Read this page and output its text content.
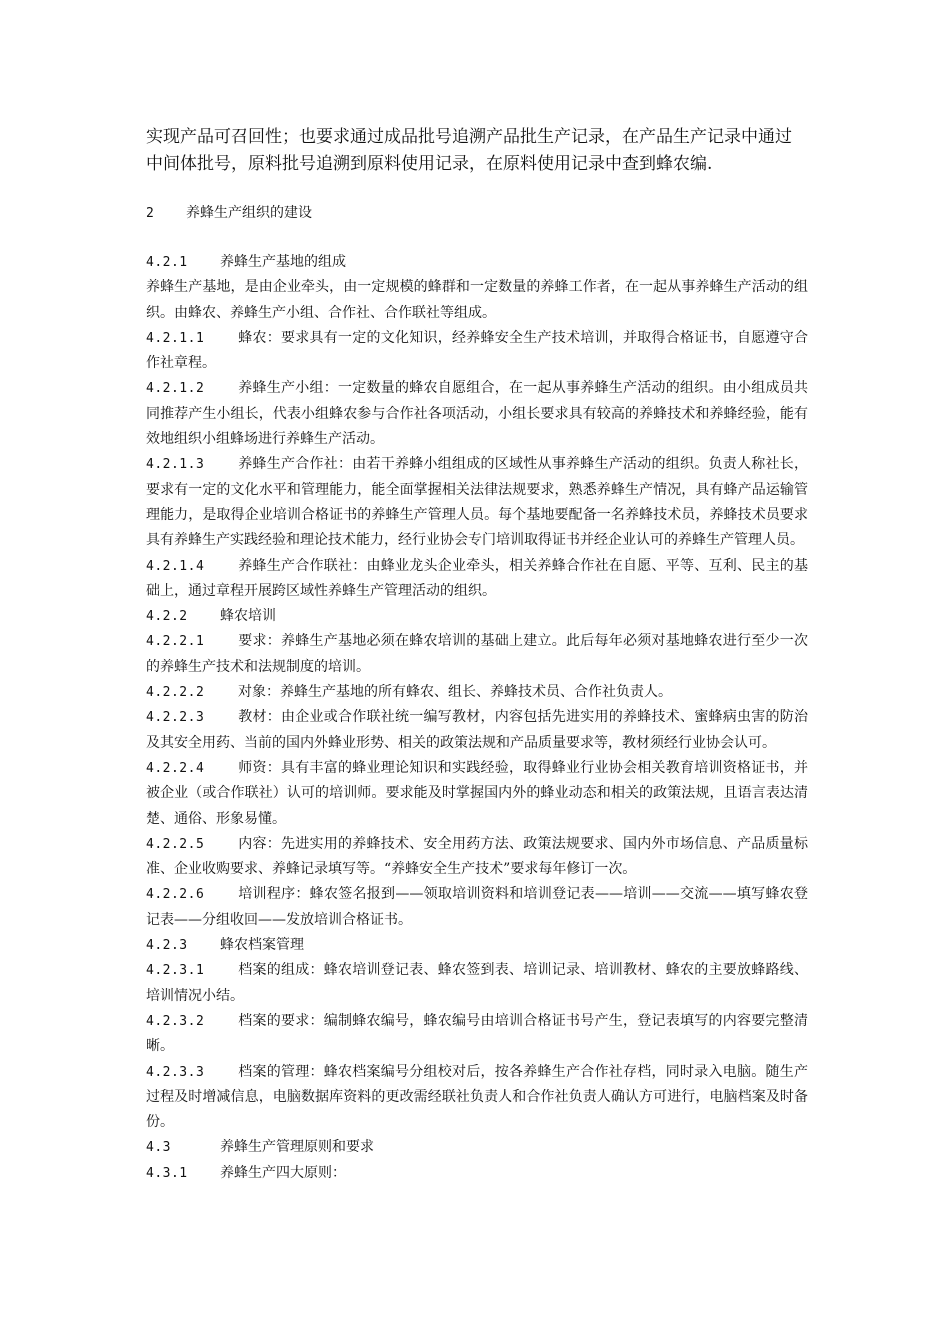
实现产品可召回性；也要求通过成品批号追溯产品批生产记录，在产品生产记录中通过中间体批号，原料批号追溯到原料使用记录，在原料使用记录中查到蜂农编.
2 养蜂生产组织的建设

4.2.1 养蜂生产基地的组成

养蜂生产基地，是由企业牵头，由一定规模的蜂群和一定数量的养蜂工作者，在一起从事养蜂生产活动的组织。由蜂农、养蜂生产小组、合作社、合作联社等组成。

4.2.1.1 蜂农：要求具有一定的文化知识，经养蜂安全生产技术培训，并取得合格证书，自愿遵守合作社章程。

4.2.1.2 养蜂生产小组：一定数量的蜂农自愿组合，在一起从事养蜂生产活动的组织。由小组成员共同推荐产生小组长，代表小组蜂农参与合作社各项活动，小组长要求具有较高的养蜂技术和养蜂经验，能有效地组织小组蜂场进行养蜂生产活动。

4.2.1.3 养蜂生产合作社：由若干养蜂小组组成的区域性从事养蜂生产活动的组织。负责人称社长，要求有一定的文化水平和管理能力，能全面掌握相关法律法规要求，熟悉养蜂生产情况，具有蜂产品运输管理能力，是取得企业培训合格证书的养蜂生产管理人员。每个基地要配备一名养蜂技术员，养蜂技术员要求具有养蜂生产实践经验和理论技术能力，经行业协会专门培训取得证书并经企业认可的养蜂生产管理人员。

4.2.1.4 养蜂生产合作联社：由蜂业龙头企业牵头，相关养蜂合作社在自愿、平等、互利、民主的基础上，通过章程开展跨区域性养蜂生产管理活动的组织。

4.2.2 蜂农培训

4.2.2.1 要求：养蜂生产基地必须在蜂农培训的基础上建立。此后每年必须对基地蜂农进行至少一次的养蜂生产技术和法规制度的培训。

4.2.2.2 对象：养蜂生产基地的所有蜂农、组长、养蜂技术员、合作社负责人。

4.2.2.3 教材：由企业或合作联社统一编写教材，内容包括先进实用的养蜂技术、蜜蜂病虫害的防治及其安全用药、当前的国内外蜂业形势、相关的政策法规和产品质量要求等，教材须经行业协会认可。

4.2.2.4 师资：具有丰富的蜂业理论知识和实践经验，取得蜂业行业协会相关教育培训资格证书，并被企业（或合作联社）认可的培训师。要求能及时掌握国内外的蜂业动态和相关的政策法规，且语言表达清楚、通俗、形象易懂。

4.2.2.5 内容：先进实用的养蜂技术、安全用药方法、政策法规要求、国内外市场信息、产品质量标准、企业收购要求、养蜂记录填写等。“养蜂安全生产技术”要求每年修订一次。

4.2.2.6 培训程序：蜂农签名报到——领取培训资料和培训登记表——培训——交流——填写蜂农登记表——分组收回——发放培训合格证书。

4.2.3 蜂农档案管理

4.2.3.1 档案的组成：蜂农培训登记表、蜂农签到表、培训记录、培训教材、蜂农的主要放蜂路线、培训情况小结。

4.2.3.2 档案的要求：编制蜂农编号，蜂农编号由培训合格证书号产生，登记表填写的内容要完整清晰。

4.2.3.3 档案的管理：蜂农档案编号分组校对后，按各养蜂生产合作社存档，同时录入电脑。随生产过程及时增减信息，电脑数据库资料的更改需经联社负责人和合作社负责人确认方可进行，电脑档案及时备份。

4.3	养蜂生产管理原则和要求

4.3.1 养蜂生产四大原则：
